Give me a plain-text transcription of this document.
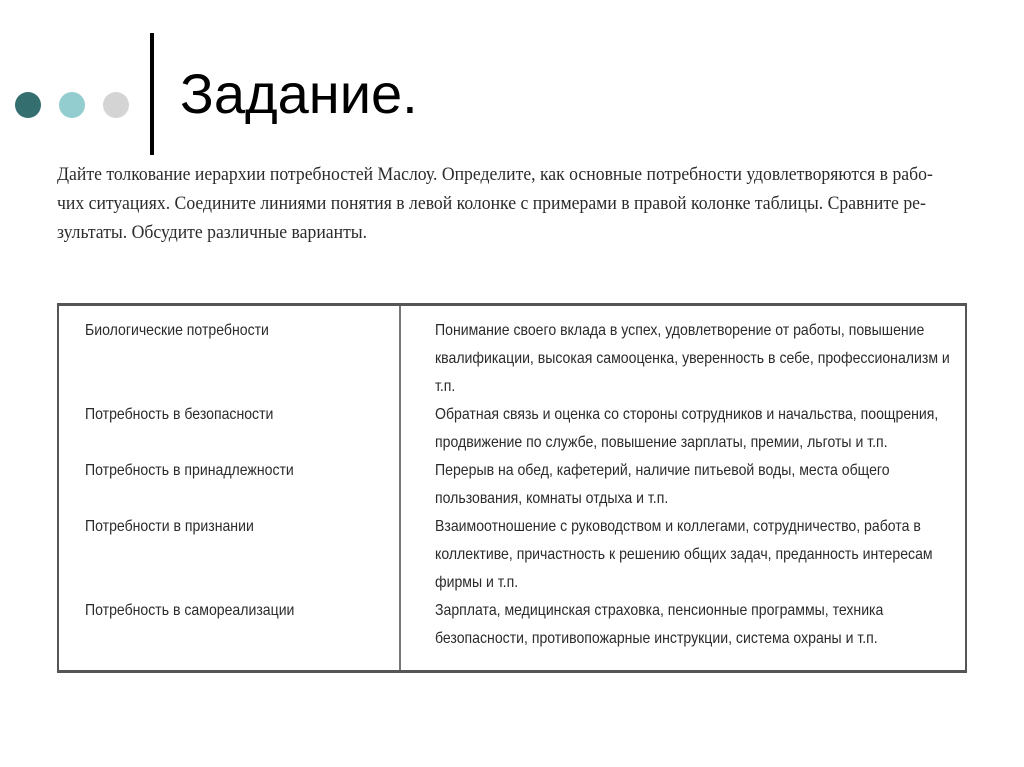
Задание.
Дайте толкование иерархии потребностей Маслоу. Определите, как основные потребности удовлетворяются в рабо-
чих ситуациях. Соедините линиями понятия в левой колонке с примерами в правой колонке таблицы. Сравните ре-
зультаты. Обсудите различные варианты.
Биологические потребности
Потребность в безопасности
Потребность в принадлежности
Потребности в признании
Потребность в самореализации
Понимание своего вклада в успех, удовлетворение от работы, повышение
квалификации, высокая самооценка, уверенность в себе, профессионализм и
т.п.
Обратная связь и оценка со стороны сотрудников и начальства, поощрения,
продвижение по службе, повышение зарплаты, премии, льготы и т.п.
Перерыв на обед, кафетерий, наличие питьевой воды, места общего
пользования, комнаты отдыха и т.п.
Взаимоотношение с руководством и коллегами, сотрудничество, работа в
коллективе, причастность к решению общих задач, преданность интересам
фирмы и т.п.
Зарплата, медицинская страховка, пенсионные программы, техника
безопасности, противопожарные инструкции, система охраны и т.п.
